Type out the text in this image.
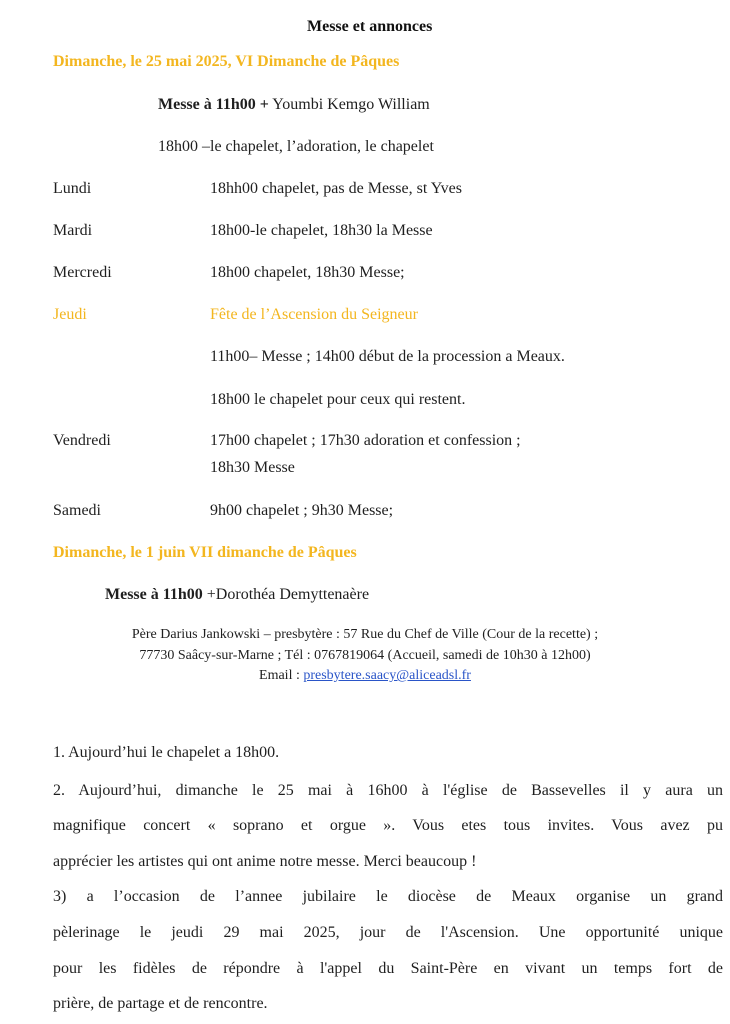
Messe et annonces
Dimanche, le 25 mai 2025, VI Dimanche de Pâques
Messe à 11h00 + Youmbi Kemgo William
18h00 –le chapelet, l’adoration, le chapelet
Lundi	18hh00 chapelet, pas de Messe, st Yves
Mardi	18h00-le chapelet, 18h30 la Messe
Mercredi	18h00 chapelet, 18h30 Messe;
Jeudi	Fête de l’Ascension du Seigneur
11h00– Messe ; 14h00 début de la procession a Meaux.
18h00 le chapelet pour ceux qui restent.
Vendredi	17h00 chapelet ; 17h30 adoration et confession ;
18h30 Messe
Samedi	9h00 chapelet ; 9h30 Messe;
Dimanche, le 1 juin VII dimanche de Pâques
Messe à 11h00 +Dorothéa Demyttenaère
Père Darius Jankowski – presbytère : 57 Rue du Chef de Ville (Cour de la recette) ;
77730 Saâcy-sur-Marne ; Tél : 0767819064 (Accueil, samedi de 10h30 à 12h00)
Email : presbytere.saacy@aliceadsl.fr
1. Aujourd’hui le chapelet a 18h00.
2. Aujourd’hui, dimanche le 25 mai à 16h00 à l'église de Bassevelles il y aura un
magnifique concert « soprano et orgue ». Vous etes tous invites. Vous avez pu
apprécier les artistes qui ont anime notre messe. Merci beaucoup !
3) a l’occasion de l’annee jubilaire le diocèse de Meaux organise un grand
pèlerinage le jeudi 29 mai 2025, jour de l'Ascension. Une opportunité unique
pour les fidèles de répondre à l'appel du Saint-Père en vivant un temps fort de
prière, de partage et de rencontre.
